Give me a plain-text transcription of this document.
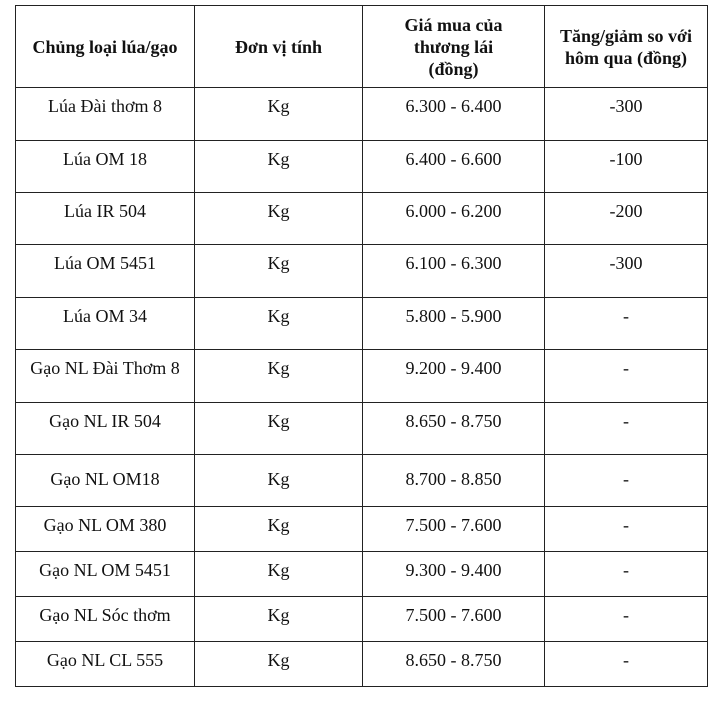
Chủng loại lúa/gạo	Đơn vị tính	Giá mua của thương lái (đồng)	Tăng/giảm so với hôm qua (đồng)
Lúa Đài thơm 8	Kg	6.300 - 6.400	-300
Lúa OM 18	Kg	6.400 - 6.600	-100
Lúa IR 504	Kg	6.000 - 6.200	-200
Lúa OM 5451	Kg	6.100 - 6.300	-300
Lúa OM 34	Kg	5.800 - 5.900	-
Gạo NL Đài Thơm 8	Kg	9.200 - 9.400	-
Gạo NL IR 504	Kg	8.650 - 8.750	-
Gạo NL OM18	Kg	8.700 - 8.850	-
Gạo NL OM 380	Kg	7.500 - 7.600	-
Gạo NL OM 5451	Kg	9.300 - 9.400	-
Gạo NL Sóc thơm	Kg	7.500 - 7.600	-
Gạo NL CL 555	Kg	8.650 - 8.750	-
